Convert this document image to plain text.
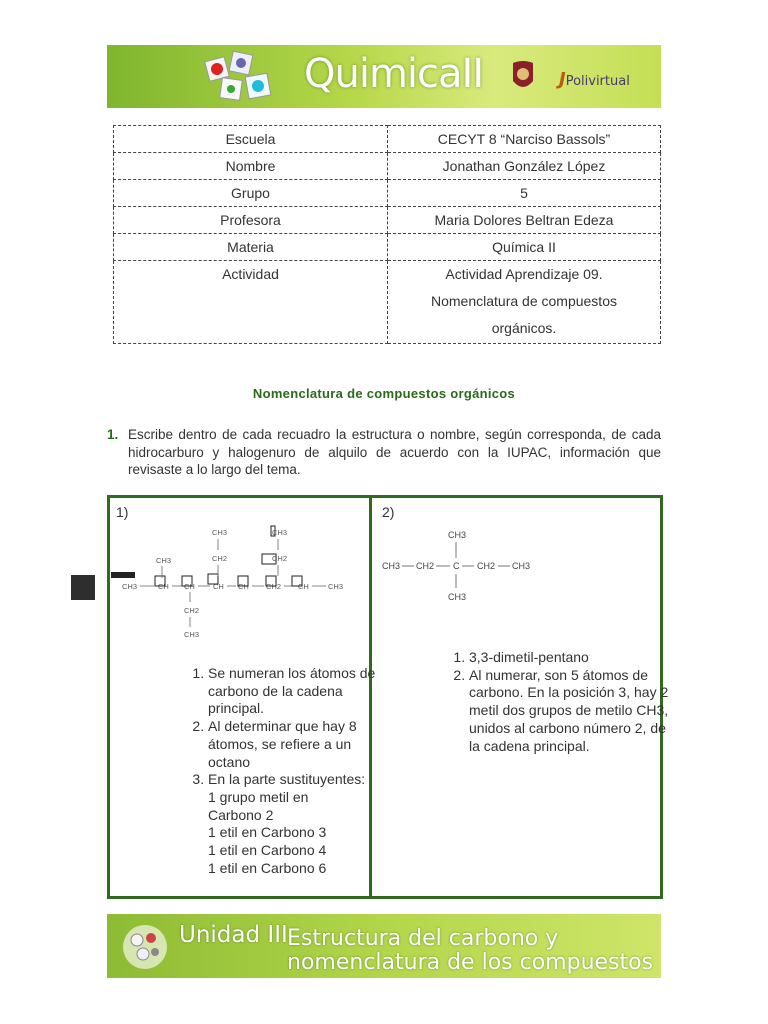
QuimicaII	JPolivirtual
Escuela	CECYT 8 “Narciso Bassols”
Nombre	Jonathan González López
Grupo	5
Profesora	Maria Dolores Beltran Edeza
Materia	Química II
Actividad	Actividad Aprendizaje 09.
Nomenclatura de compuestos
orgánicos.
Nomenclatura de compuestos orgánicos
1. Escribe dentro de cada recuadro la estructura o nombre, según corresponda, de cada hidrocarburo y halogenuro de alquilo de acuerdo con la IUPAC, información que revisaste a lo largo del tema.
1)
CH3	CH CH CH CH CH2 CH	CH3
CH3
CH3
CH2
CH2
CH3
CH3
CH2
1. Se numeran los átomos de carbono de la cadena principal.
2. Al determinar que hay 8 átomos, se refiere a un octano
3. En la parte sustituyentes:
1 grupo metil en
Carbono 2
1 etil en Carbono 3
1 etil en Carbono 4
1 etil en Carbono 6
2)
CH3
CH3 CH2 C CH2 CH3
CH3
1. 3,3-dimetil-pentano
2. Al numerar, son 5 átomos de carbono. En la posición 3, hay 2 metil dos grupos de metilo CH3, unidos al carbono número 2, de la cadena principal.
Unidad III Estructura del carbono y
nomenclatura de los compuestos
